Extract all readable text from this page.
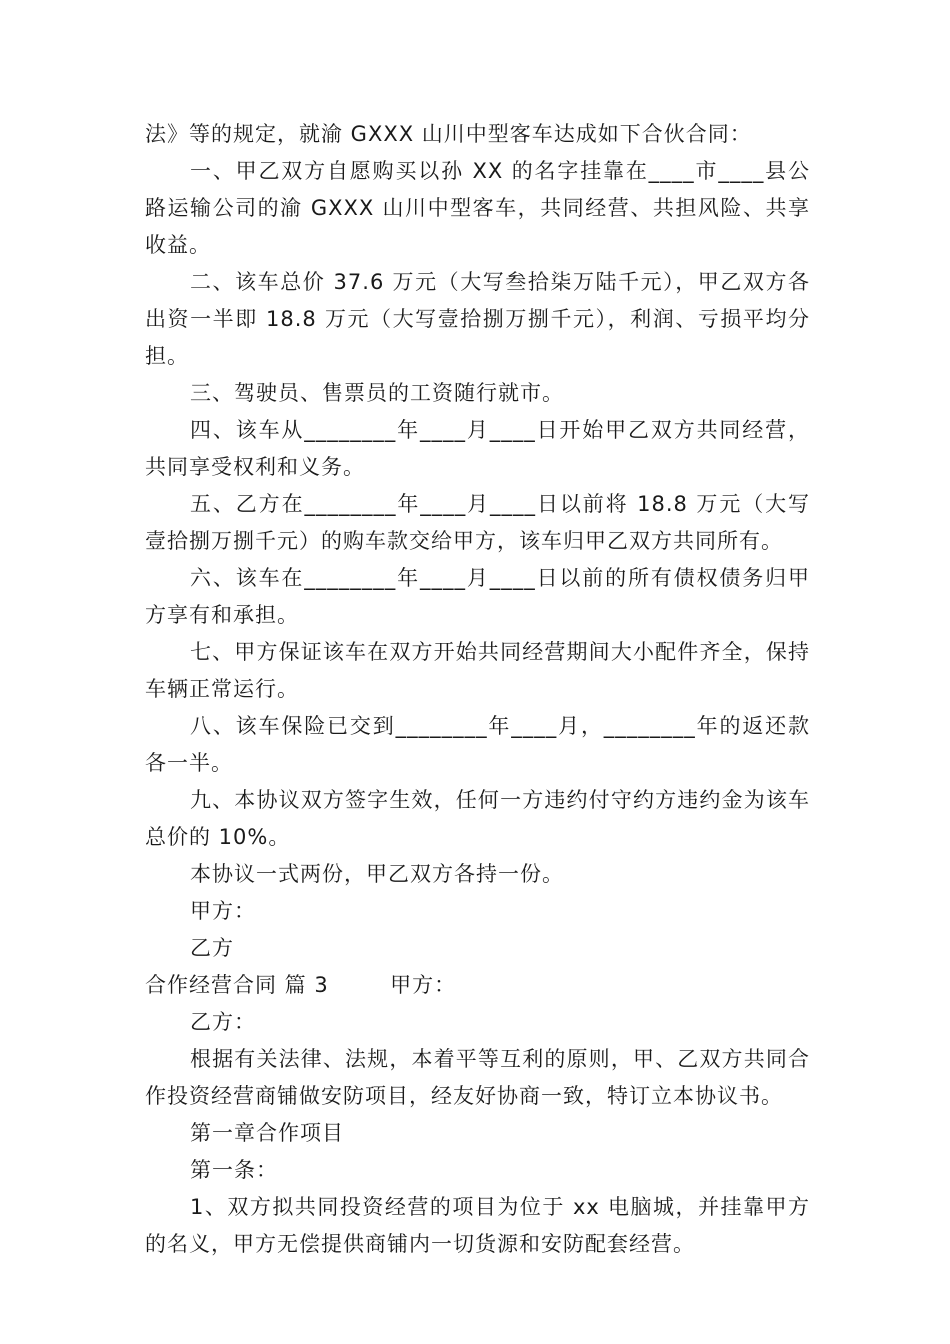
法》等的规定，就渝 GXXX 山川中型客车达成如下合伙合同：

一、甲乙双方自愿购买以孙 XX 的名字挂靠在____市____县公路运输公司的渝 GXXX 山川中型客车，共同经营、共担风险、共享收益。

二、该车总价 37.6 万元（大写叁拾柒万陆千元），甲乙双方各出资一半即 18.8 万元（大写壹拾捌万捌千元），利润、亏损平均分担。

三、驾驶员、售票员的工资随行就市。

四、该车从________年____月____日开始甲乙双方共同经营，共同享受权利和义务。

五、乙方在________年____月____日以前将 18.8 万元（大写壹拾捌万捌千元）的购车款交给甲方，该车归甲乙双方共同所有。

六、该车在________年____月____日以前的所有债权债务归甲方享有和承担。

七、甲方保证该车在双方开始共同经营期间大小配件齐全，保持车辆正常运行。

八、该车保险已交到________年____月，________年的返还款各一半。

九、本协议双方签字生效，任何一方违约付守约方违约金为该车总价的 10%。

本协议一式两份，甲乙双方各持一份。

甲方：

乙方

合作经营合同 篇 3        甲方：

乙方：

根据有关法律、法规，本着平等互利的原则，甲、乙双方共同合作投资经营商铺做安防项目，经友好协商一致，特订立本协议书。

第一章合作项目

第一条：

1、双方拟共同投资经营的项目为位于 xx 电脑城，并挂靠甲方的名义，甲方无偿提供商铺内一切货源和安防配套经营。
